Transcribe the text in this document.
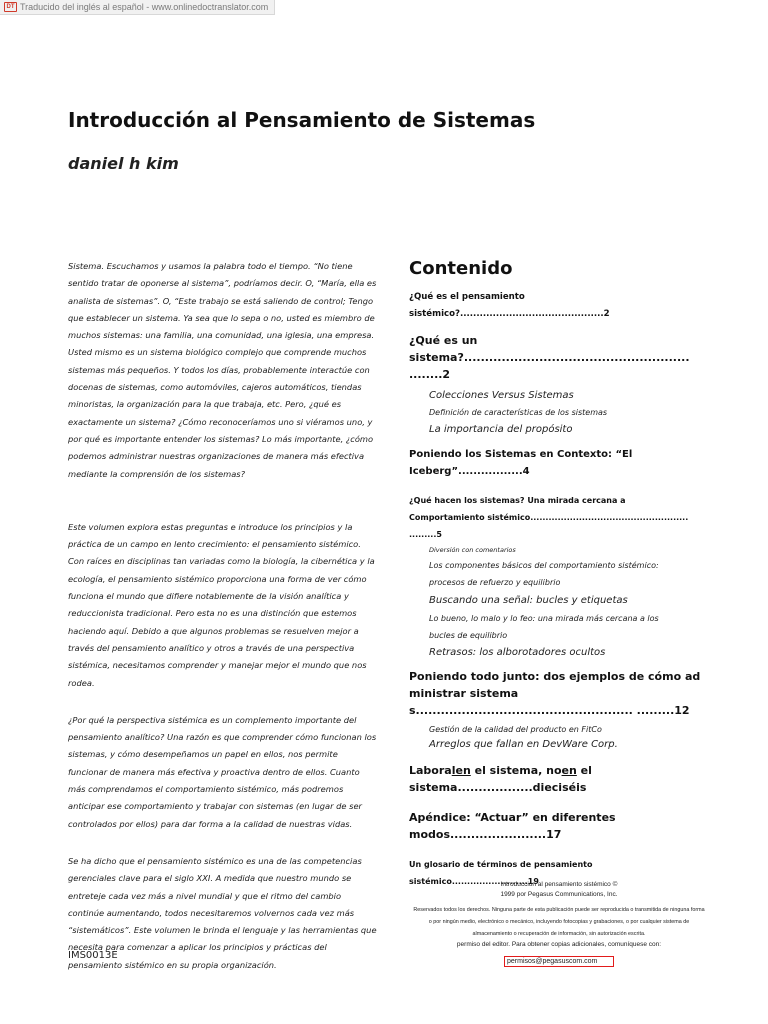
DT Traducido del inglés al español - www.onlinedoctranslator.com
Introducción al Pensamiento de Sistemas
daniel h kim

Sistema. Escuchamos y usamos la palabra todo el tiempo. “No tiene sentido tratar de oponerse al sistema”, podríamos decir. O, “María, ella es analista de sistemas”. O, “Este trabajo se está saliendo de control; Tengo que establecer un sistema. Ya sea que lo sepa o no, usted es miembro de muchos sistemas: una familia, una comunidad, una iglesia, una empresa. Usted mismo es un sistema biológico complejo que comprende muchos sistemas más pequeños. Y todos los días, probablemente interactúe con docenas de sistemas, como automóviles, cajeros automáticos, tiendas minoristas, la organización para la que trabaja, etc. Pero, ¿qué es exactamente un sistema? ¿Cómo reconoceríamos uno si viéramos uno, y por qué es importante entender los sistemas? Lo más importante, ¿cómo podemos administrar nuestras organizaciones de manera más efectiva mediante la comprensión de los sistemas?

Este volumen explora estas preguntas e introduce los principios y la práctica de un campo en lento crecimiento: el pensamiento sistémico. Con raíces en disciplinas tan variadas como la biología, la cibernética y la ecología, el pensamiento sistémico proporciona una forma de ver cómo funciona el mundo que difiere notablemente de la visión analítica y reduccionista tradicional. Pero esta no es una distinción que estemos haciendo aquí. Debido a que algunos problemas se resuelven mejor a través del pensamiento analítico y otros a través de una perspectiva sistémica, necesitamos comprender y manejar mejor el mundo que nos rodea.

¿Por qué la perspectiva sistémica es un complemento importante del pensamiento analítico? Una razón es que comprender cómo funcionan los sistemas, y cómo desempeñamos un papel en ellos, nos permite funcionar de manera más efectiva y proactiva dentro de ellos. Cuanto más comprendamos el comportamiento sistémico, más podremos anticipar ese comportamiento y trabajar con sistemas (en lugar de ser controlados por ellos) para dar forma a la calidad de nuestras vidas.

Se ha dicho que el pensamiento sistémico es una de las competencias gerenciales clave para el siglo XXI. A medida que nuestro mundo se entreteje cada vez más a nivel mundial y que el ritmo del cambio continúe aumentando, todos necesitaremos volvernos cada vez más “sistemáticos”. Este volumen le brinda el lenguaje y las herramientas que necesita para comenzar a aplicar los principios y prácticas del pensamiento sistémico en su propia organización.

IMS0013E
Contenido
¿Qué es el pensamiento sistémico?............................................2
¿Qué es un sistema?...................................................... ........2
Colecciones Versus Sistemas
Definición de características de los sistemas
La importancia del propósito
Poniendo los Sistemas en Contexto: “El Iceberg”.................4
¿Qué hacen los sistemas? Una mirada cercana a
Comportamiento sistémico.................................................... .........5
Diversión con comentarios
Los componentes básicos del comportamiento sistémico: procesos de refuerzo y equilibrio
Buscando una señal: bucles y etiquetas
Lo bueno, lo malo y lo feo: una mirada más cercana a los bucles de equilibrio
Retrasos: los alborotadores ocultos
Poniendo todo junto: dos ejemplos de cómo administrar sistemas.................................................... .........12
Gestión de la calidad del producto en FitCo
Arreglos que fallan en DevWare Corp.
Laboralen el sistema, noen el sistema..................dieciséis
Apéndice: “Actuar” en diferentes modos.......................17
Un glosario de términos de pensamiento sistémico.........................19
Introducción al pensamiento sistémico ©
1999 por Pegasus Communications, Inc.
Reservados todos los derechos. Ninguna parte de esta publicación puede ser reproducida o transmitida de ninguna forma o por ningún medio, electrónico o mecánico, incluyendo fotocopias y grabaciones, o por cualquier sistema de almacenamiento o recuperación de información, sin autorización escrita.
permiso del editor. Para obtener copias adicionales, comuníquese con:
permisos@pegasuscom.com
